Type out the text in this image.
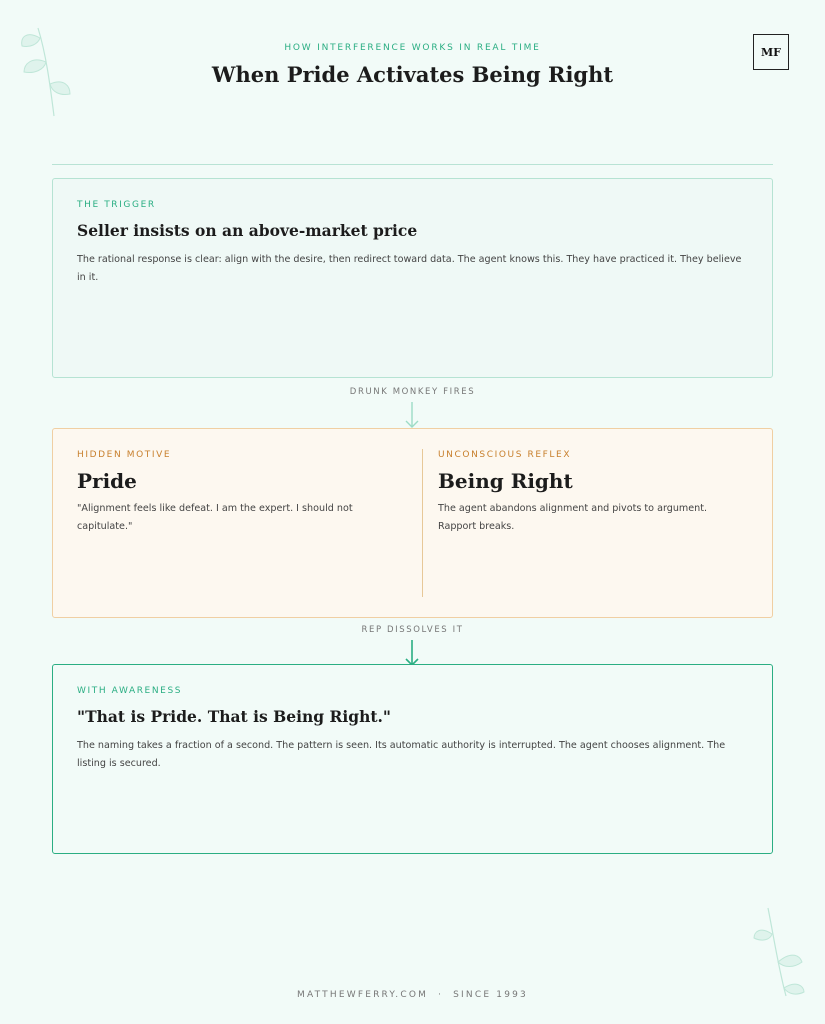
HOW INTERFERENCE WORKS IN REAL TIME
When Pride Activates Being Right
MF
THE TRIGGER
Seller insists on an above-market price
The rational response is clear: align with the desire, then redirect toward data. The agent knows this. They have practiced it. They believe in it.
DRUNK MONKEY FIRES
HIDDEN MOTIVE
Pride
"Alignment feels like defeat. I am the expert. I should not capitulate."
UNCONSCIOUS REFLEX
Being Right
The agent abandons alignment and pivots to argument. Rapport breaks.
REP DISSOLVES IT
WITH AWARENESS
"That is Pride. That is Being Right."
The naming takes a fraction of a second. The pattern is seen. Its automatic authority is interrupted. The agent chooses alignment. The listing is secured.
MATTHEWFERRY.COM · SINCE 1993
